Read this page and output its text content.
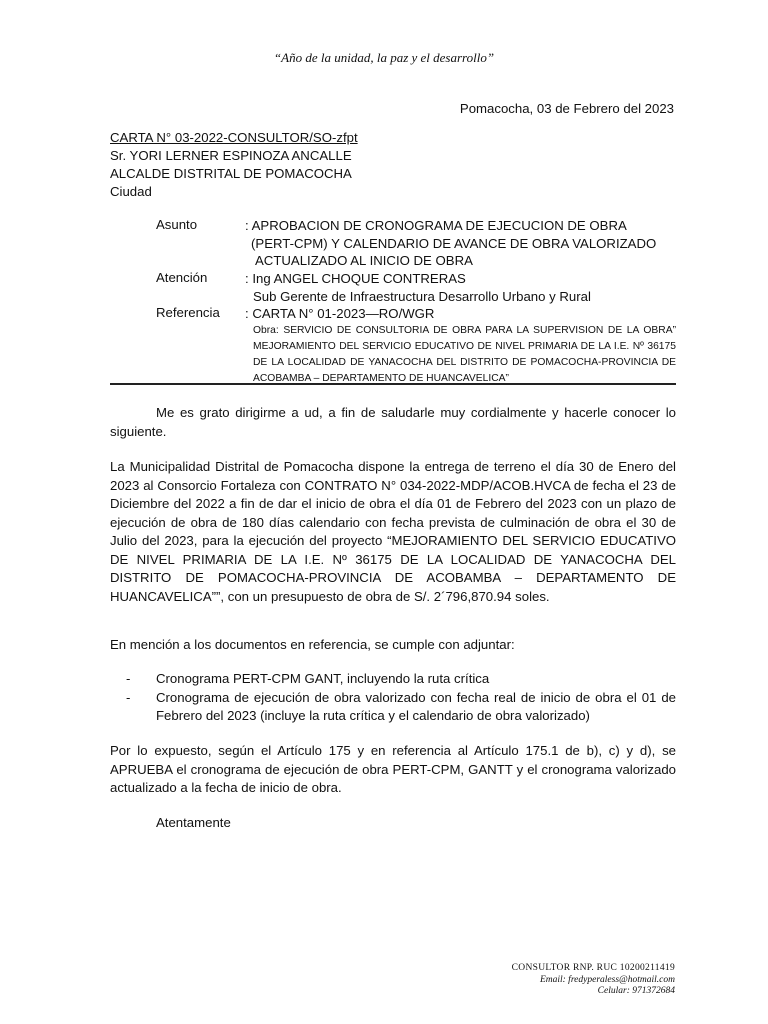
“Año de la unidad, la paz y el desarrollo”
Pomacocha, 03 de Febrero del 2023
CARTA N° 03-2022-CONSULTOR/SO-zfpt
Sr. YORI LERNER ESPINOZA ANCALLE
ALCALDE DISTRITAL DE POMACOCHA
Ciudad
Asunto	: APROBACION DE CRONOGRAMA DE EJECUCION DE OBRA
(PERT-CPM) Y CALENDARIO DE AVANCE DE OBRA VALORIZADO
ACTUALIZADO AL INICIO DE OBRA
Atención	: Ing ANGEL CHOQUE CONTRERAS
Sub Gerente de Infraestructura Desarrollo Urbano y Rural
Referencia : CARTA N° 01-2023—RO/WGR
Obra: SERVICIO DE CONSULTORIA DE OBRA PARA LA SUPERVISION DE LA OBRA” MEJORAMIENTO DEL SERVICIO EDUCATIVO DE NIVEL PRIMARIA DE LA I.E. Nº 36175 DE LA LOCALIDAD DE YANACOCHA DEL DISTRITO DE POMACOCHA-PROVINCIA DE ACOBAMBA – DEPARTAMENTO DE HUANCAVELICA”
Me es grato dirigirme a ud, a fin de saludarle muy cordialmente y hacerle conocer lo siguiente.
La Municipalidad Distrital de Pomacocha dispone la entrega de terreno el día 30 de Enero del 2023 al Consorcio Fortaleza con CONTRATO N° 034-2022-MDP/ACOB.HVCA de fecha el 23 de Diciembre del 2022 a fin de dar el inicio de obra el día 01 de Febrero del 2023 con un plazo de ejecución de obra de 180 días calendario con fecha prevista de culminación de obra el 30 de Julio del 2023, para la ejecución del proyecto “MEJORAMIENTO DEL SERVICIO EDUCATIVO DE NIVEL PRIMARIA DE LA I.E. Nº 36175 DE LA LOCALIDAD DE YANACOCHA DEL DISTRITO DE POMACOCHA-PROVINCIA DE ACOBAMBA – DEPARTAMENTO DE HUANCAVELICA””, con un presupuesto de obra de S/. 2´796,870.94 soles.
En mención a los documentos en referencia, se cumple con adjuntar:
- Cronograma PERT-CPM GANT, incluyendo la ruta crítica
- Cronograma de ejecución de obra valorizado con fecha real de inicio de obra el 01 de Febrero del 2023 (incluye la ruta crítica y el calendario de obra valorizado)
Por lo expuesto, según el Artículo 175 y en referencia al Artículo 175.1 de b), c) y d), se APRUEBA el cronograma de ejecución de obra PERT-CPM, GANTT y el cronograma valorizado actualizado a la fecha de inicio de obra.
Atentamente
CONSULTOR RNP. RUC 10200211419
Email: fredyperaless@hotmail.com
Celular: 971372684
